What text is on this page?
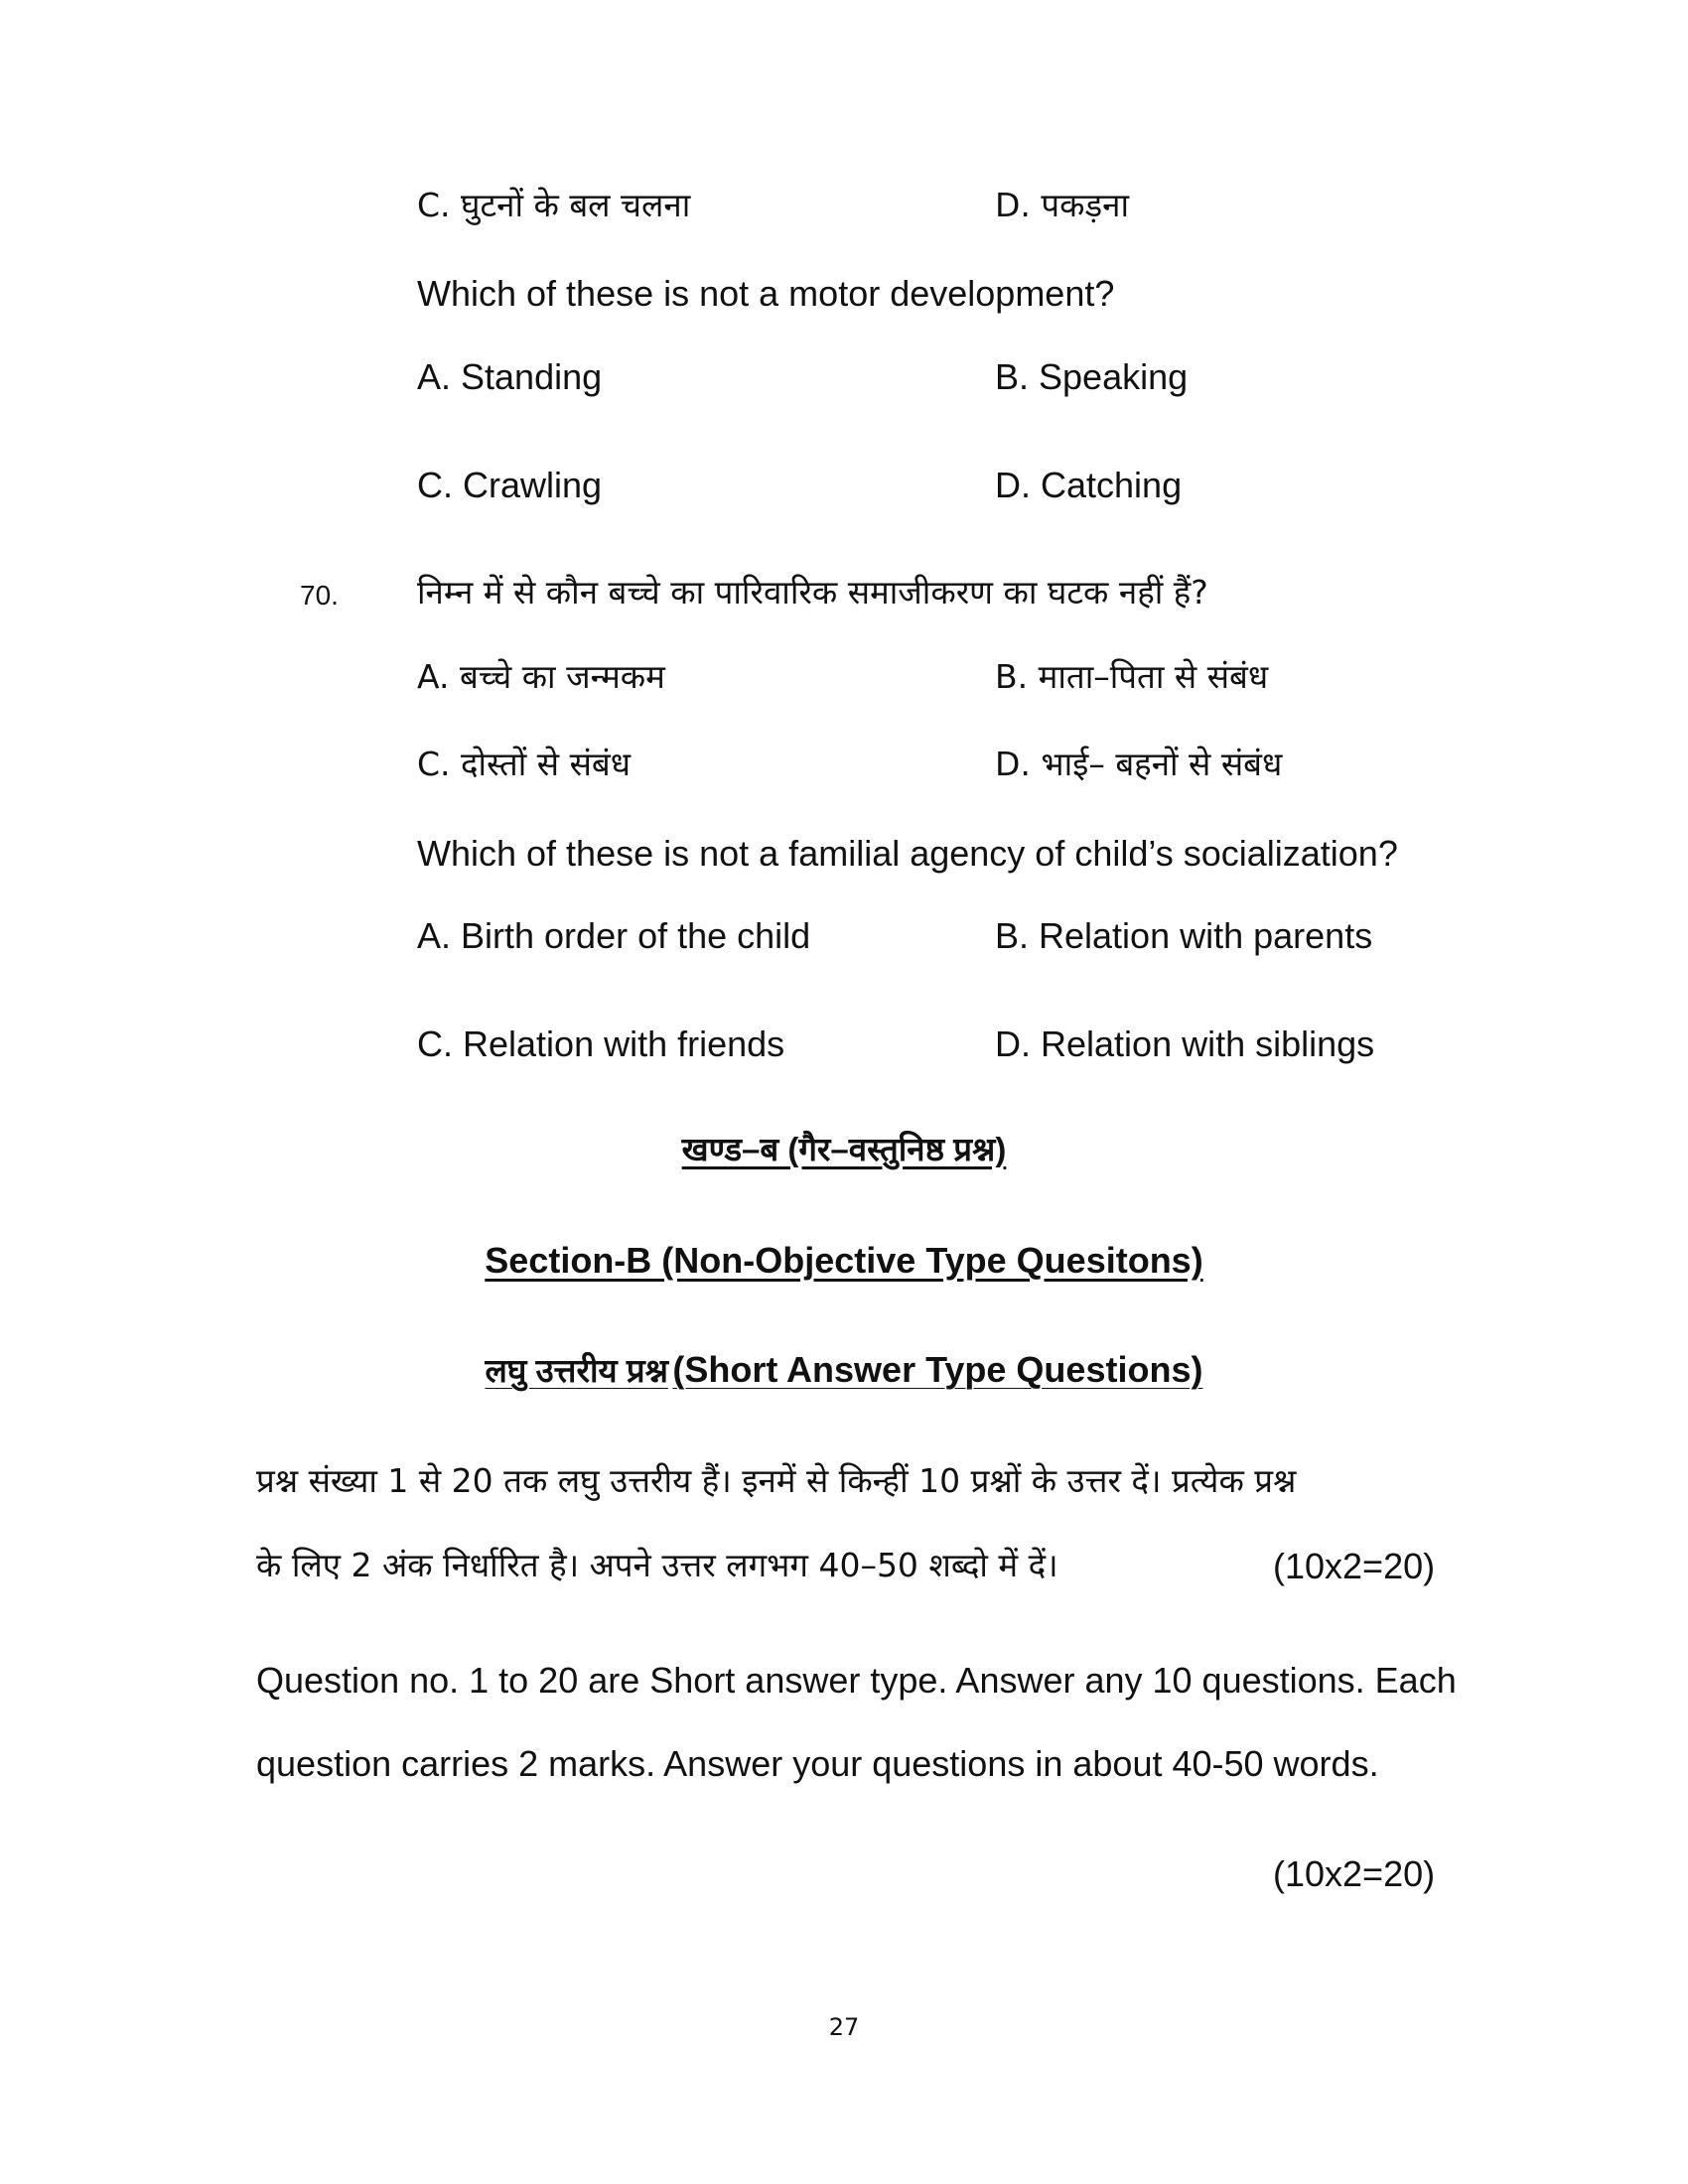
C. घुटनों के बल चलना	D. पकड़ना
Which of these is not a motor development?
A. Standing	B. Speaking
C. Crawling	D. Catching
70. निम्न में से कौन बच्चे का पारिवारिक समाजीकरण का घटक नहीं हैं?
A. बच्चे का जन्मकम	B. माता–पिता से संबंध
C. दोस्तों से संबंध	D. भाई– बहनों से संबंध
Which of these is not a familial agency of child’s socialization?
A. Birth order of the child	B. Relation with parents
C. Relation with friends	D. Relation with siblings
खण्ड–ब (गैर–वस्तुनिष्ठ प्रश्न)
Section-B (Non-Objective Type Quesitons)
लघु उत्तरीय प्रश्न (Short Answer Type Questions)
प्रश्न संख्या 1 से 20 तक लघु उत्तरीय हैं। इनमें से किन्हीं 10 प्रश्नों के उत्तर दें। प्रत्येक प्रश्न
के लिए 2 अंक निर्धारित है। अपने उत्तर लगभग 40–50 शब्दो में दें।	(10x2=20)
Question no. 1 to 20 are Short answer type. Answer any 10 questions. Each
question carries 2 marks. Answer your questions in about 40-50 words.
(10x2=20)
27
